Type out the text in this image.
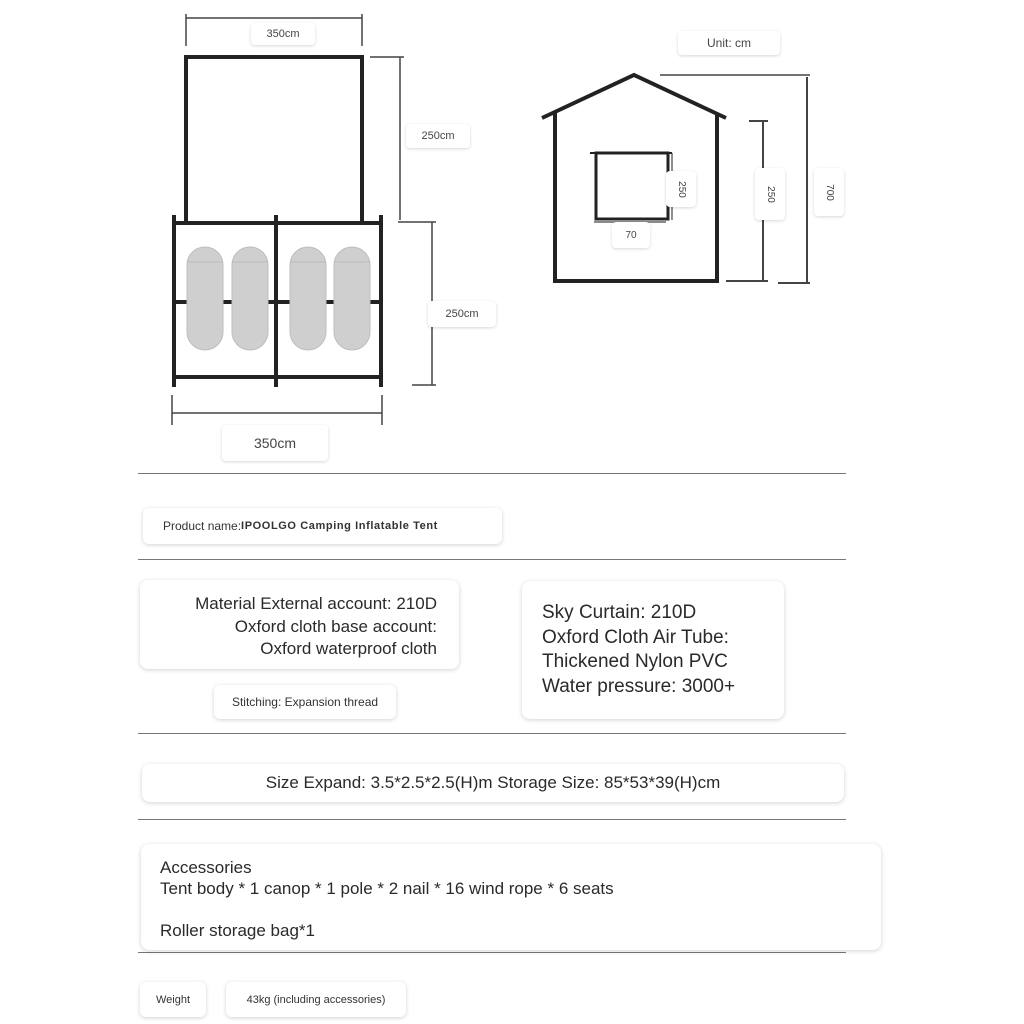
350cm
250cm
250cm
350cm
Unit: cm
250
70
250	700
Product name: IPOOLGO Camping Inflatable Tent
Material External account: 210D
Oxford cloth base account:
Oxford waterproof cloth
Stitching: Expansion thread
Sky Curtain: 210D
Oxford Cloth Air Tube:
Thickened Nylon PVC
Water pressure: 3000+
Size Expand: 3.5*2.5*2.5(H)m Storage Size: 85*53*39(H)cm
Accessories
Tent body * 1 canop * 1 pole * 2 nail * 16 wind rope * 6 seats
Roller storage bag*1
Weight	43kg (including accessories)
